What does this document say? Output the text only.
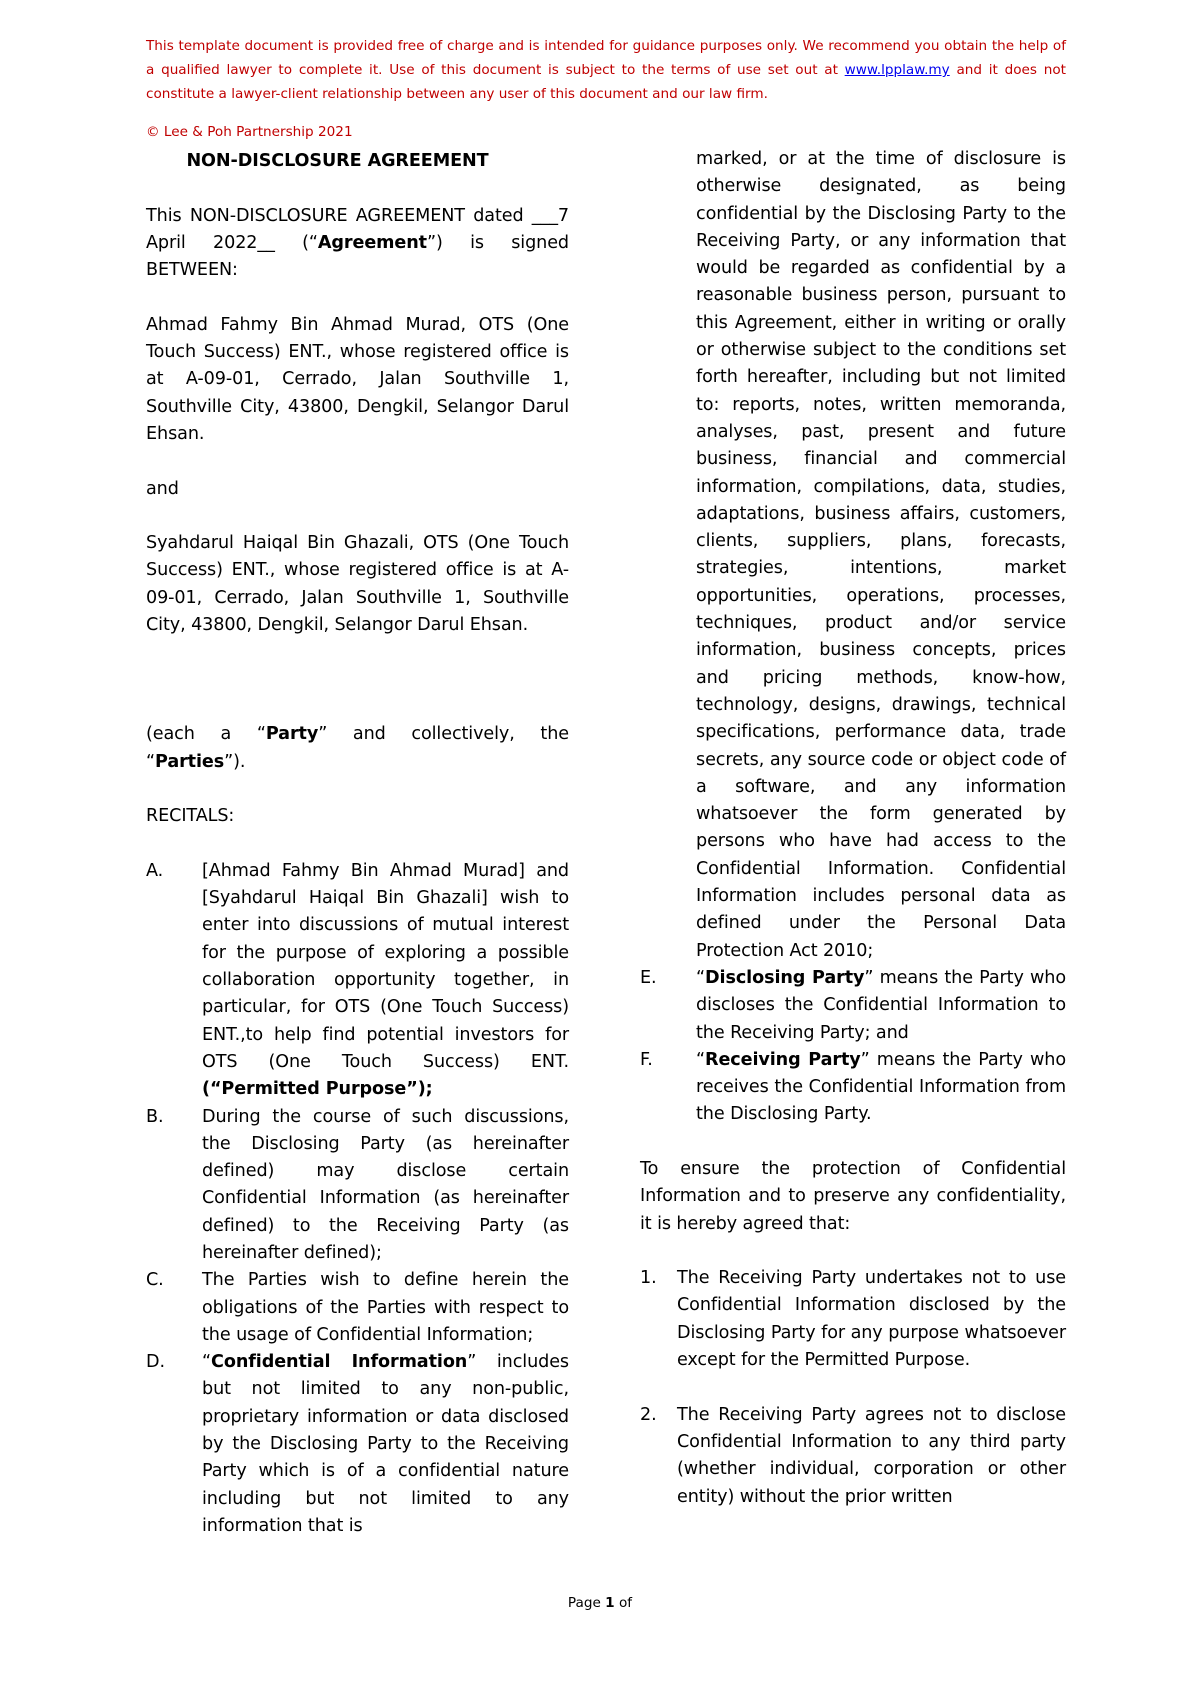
This template document is provided free of charge and is intended for guidance purposes only. We recommend you obtain the help of a qualified lawyer to complete it. Use of this document is subject to the terms of use set out at www.lpplaw.my and it does not constitute a lawyer-client relationship between any user of this document and our law firm.
© Lee & Poh Partnership 2021

NON-DISCLOSURE AGREEMENT

This NON-DISCLOSURE AGREEMENT dated ___7 April 2022__ (“Agreement”) is signed BETWEEN:

Ahmad Fahmy Bin Ahmad Murad, OTS (One Touch Success) ENT., whose registered office is at A-09-01, Cerrado, Jalan Southville 1, Southville City, 43800, Dengkil, Selangor Darul Ehsan.

and

Syahdarul Haiqal Bin Ghazali, OTS (One Touch Success) ENT., whose registered office is at A-09-01, Cerrado, Jalan Southville 1, Southville City, 43800, Dengkil, Selangor Darul Ehsan.

(each a “Party” and collectively, the “Parties”).

RECITALS:

A.	[Ahmad Fahmy Bin Ahmad Murad] and [Syahdarul Haiqal Bin Ghazali] wish to enter into discussions of mutual interest for the purpose of exploring a possible collaboration opportunity together, in particular, for OTS (One Touch Success) ENT.,to help find potential investors for OTS (One Touch Success) ENT.(“Permitted Purpose”);
B.	During the course of such discussions, the Disclosing Party (as hereinafter defined) may disclose certain Confidential Information (as hereinafter defined) to the Receiving Party (as hereinafter defined);
C.	The Parties wish to define herein the obligations of the Parties with respect to the usage of Confidential Information;
D.	“Confidential Information” includes but not limited to any non-public, proprietary information or data disclosed by the Disclosing Party to the Receiving Party which is of a confidential nature including but not limited to any information that is
marked, or at the time of disclosure is otherwise designated, as being confidential by the Disclosing Party to the Receiving Party, or any information that would be regarded as confidential by a reasonable business person, pursuant to this Agreement, either in writing or orally or otherwise subject to the conditions set forth hereafter, including but not limited to: reports, notes, written memoranda, analyses, past, present and future business, financial and commercial information, compilations, data, studies, adaptations, business affairs, customers, clients, suppliers, plans, forecasts, strategies, intentions, market opportunities, operations, processes, techniques, product and/or service information, business concepts, prices and pricing methods, know-how, technology, designs, drawings, technical specifications, performance data, trade secrets, any source code or object code of a software, and any information whatsoever the form generated by persons who have had access to the Confidential Information. Confidential Information includes personal data as defined under the Personal Data Protection Act 2010;
E.	“Disclosing Party” means the Party who discloses the Confidential Information to the Receiving Party; and
F.	“Receiving Party” means the Party who receives the Confidential Information from the Disclosing Party.

To ensure the protection of Confidential Information and to preserve any confidentiality, it is hereby agreed that:

1.	The Receiving Party undertakes not to use Confidential Information disclosed by the Disclosing Party for any purpose whatsoever except for the Permitted Purpose.
2.	The Receiving Party agrees not to disclose Confidential Information to any third party (whether individual, corporation or other entity) without the prior written
Page 1 of
